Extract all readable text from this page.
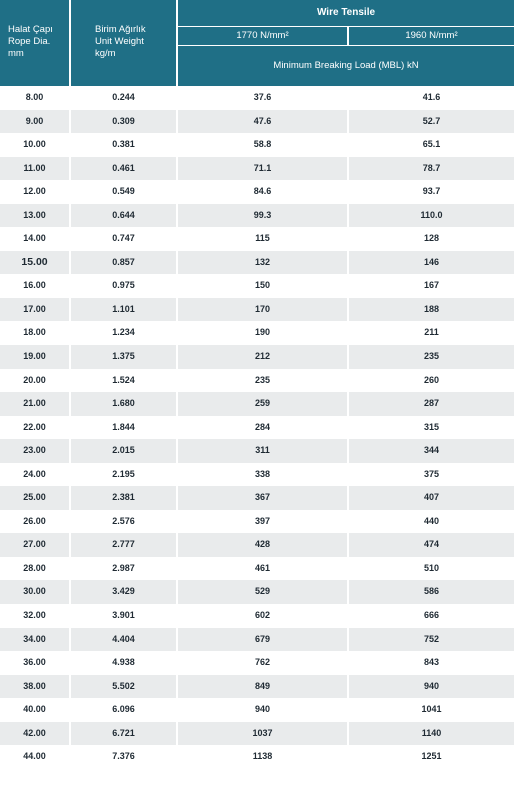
Halat Çapı
Rope Dia.
mm
Birim Ağırlık
Unit Weight
kg/m
Wire Tensile
1770 N/mm²	1960 N/mm²
Minimum Breaking Load (MBL) kN
8.00	0.244	37.6	41.6
9.00	0.309	47.6	52.7
10.00	0.381	58.8	65.1
11.00	0.461	71.1	78.7
12.00	0.549	84.6	93.7
13.00	0.644	99.3	110.0
14.00	0.747	115	128
15.00	0.857	132	146
16.00	0.975	150	167
17.00	1.101	170	188
18.00	1.234	190	211
19.00	1.375	212	235
20.00	1.524	235	260
21.00	1.680	259	287
22.00	1.844	284	315
23.00	2.015	311	344
24.00	2.195	338	375
25.00	2.381	367	407
26.00	2.576	397	440
27.00	2.777	428	474
28.00	2.987	461	510
30.00	3.429	529	586
32.00	3.901	602	666
34.00	4.404	679	752
36.00	4.938	762	843
38.00	5.502	849	940
40.00	6.096	940	1041
42.00	6.721	1037	1140
44.00	7.376	1138	1251
